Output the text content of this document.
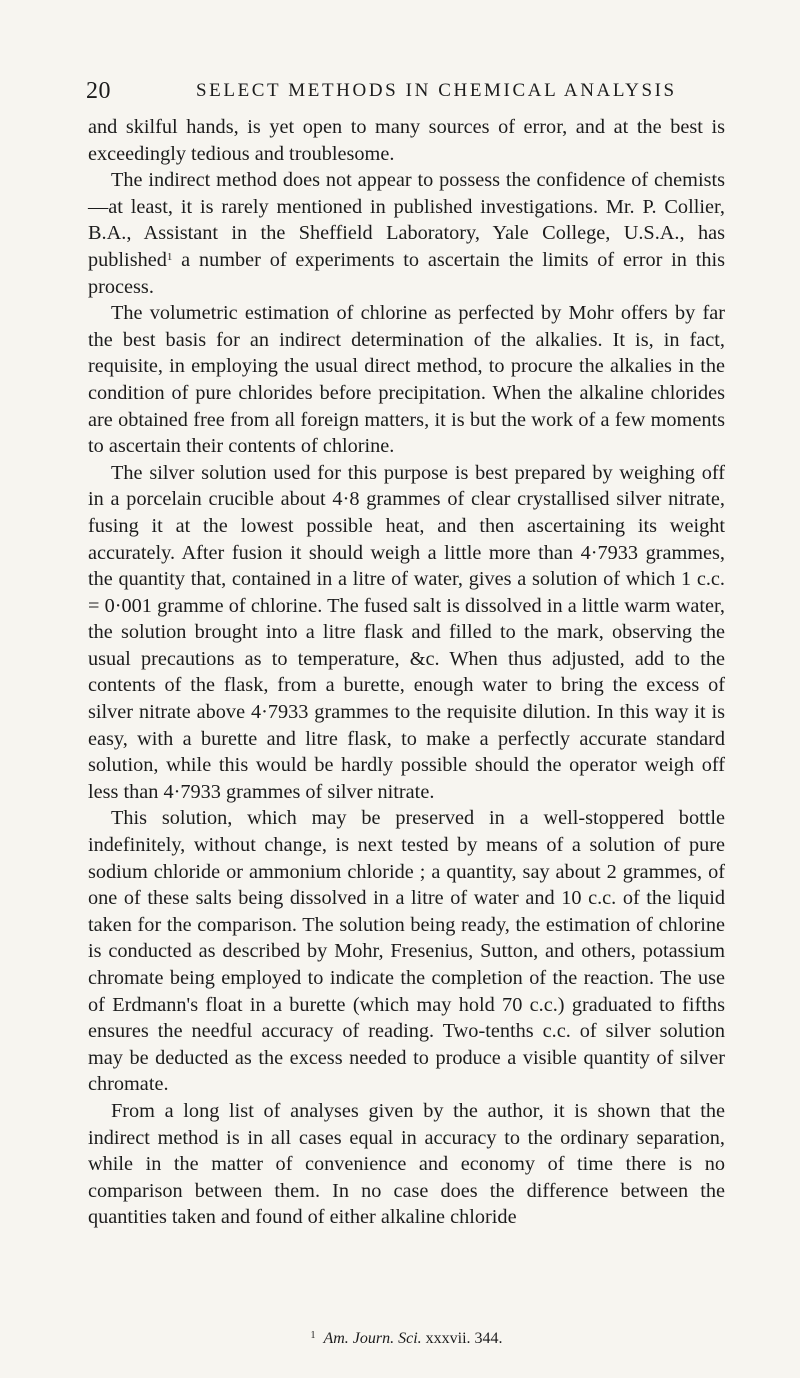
20	SELECT METHODS IN CHEMICAL ANALYSIS

and skilful hands, is yet open to many sources of error, and at the best is exceedingly tedious and troublesome.

The indirect method does not appear to possess the confidence of chemists—at least, it is rarely mentioned in published investigations. Mr. P. Collier, B.A., Assistant in the Sheffield Laboratory, Yale College, U.S.A., has published$^1$ a number of experiments to ascertain the limits of error in this process.

The volumetric estimation of chlorine as perfected by Mohr offers by far the best basis for an indirect determination of the alkalies. It is, in fact, requisite, in employing the usual direct method, to procure the alkalies in the condition of pure chlorides before precipitation. When the alkaline chlorides are obtained free from all foreign matters, it is but the work of a few moments to ascertain their contents of chlorine.

The silver solution used for this purpose is best prepared by weighing off in a porcelain crucible about 4·8 grammes of clear crystallised silver nitrate, fusing it at the lowest possible heat, and then ascertaining its weight accurately. After fusion it should weigh a little more than 4·7933 grammes, the quantity that, contained in a litre of water, gives a solution of which 1 c.c. = 0·001 gramme of chlorine. The fused salt is dissolved in a little warm water, the solution brought into a litre flask and filled to the mark, observing the usual precautions as to temperature, &c. When thus adjusted, add to the contents of the flask, from a burette, enough water to bring the excess of silver nitrate above 4·7933 grammes to the requisite dilution. In this way it is easy, with a burette and litre flask, to make a perfectly accurate standard solution, while this would be hardly possible should the operator weigh off less than 4·7933 grammes of silver nitrate.

This solution, which may be preserved in a well-stoppered bottle indefinitely, without change, is next tested by means of a solution of pure sodium chloride or ammonium chloride ; a quantity, say about 2 grammes, of one of these salts being dissolved in a litre of water and 10 c.c. of the liquid taken for the comparison. The solution being ready, the estimation of chlorine is conducted as described by Mohr, Fresenius, Sutton, and others, potassium chromate being employed to indicate the completion of the reaction. The use of Erdmann's float in a burette (which may hold 70 c.c.) graduated to fifths ensures the needful accuracy of reading. Two-tenths c.c. of silver solution may be deducted as the excess needed to produce a visible quantity of silver chromate.

From a long list of analyses given by the author, it is shown that the indirect method is in all cases equal in accuracy to the ordinary separation, while in the matter of convenience and economy of time there is no comparison between them. In no case does the difference between the quantities taken and found of either alkaline chloride

$^1$ Am. Journ. Sci. xxxvii. 344.
